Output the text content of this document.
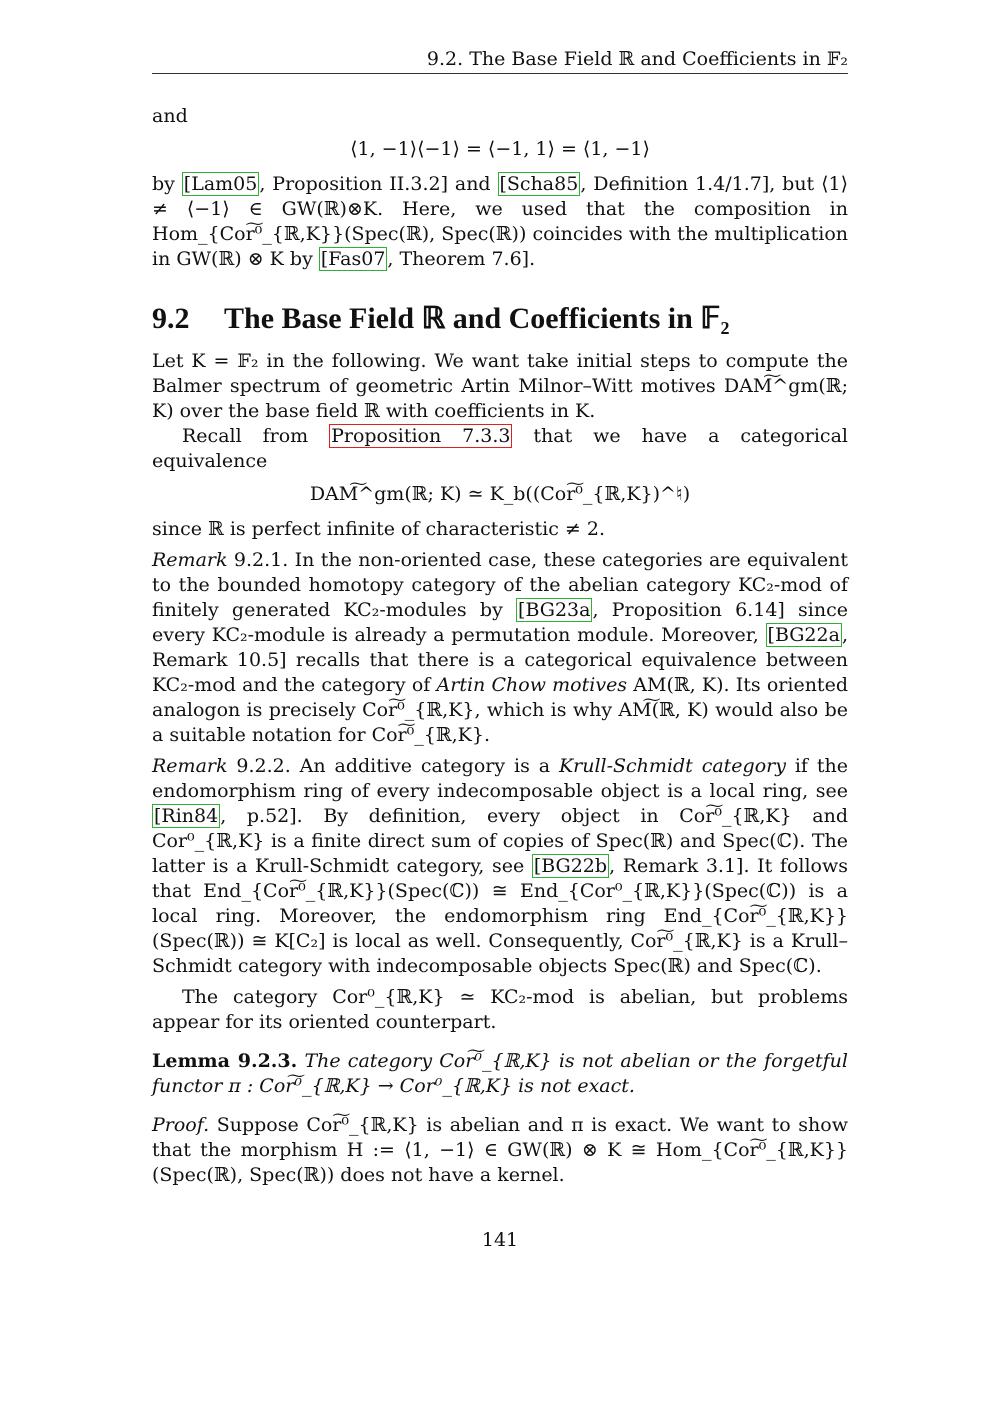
9.2. The Base Field ℝ and Coefficients in 𝔽₂

and

⟨1, −1⟩⟨−1⟩ = ⟨−1, 1⟩ = ⟨1, −1⟩

by [Lam05 , Proposition II.3.2] and [Scha85 , Definition 1.4/1.7], but ⟨1⟩ ≠ ⟨−1⟩ ∈ GW(ℝ)⊗K. Here, we used that the composition in Hom_{Cor͠⁰_{ℝ,K}}(Spec(ℝ), Spec(ℝ)) coincides with the multiplication in GW(ℝ) ⊗ K by [Fas07 , Theorem 7.6].

9.2 The Base Field ℝ and Coefficients in 𝔽₂

Let K = 𝔽₂ in the following. We want take initial steps to compute the Balmer spectrum of geometric Artin Milnor–Witt motives DAM͠^gm(ℝ; K) over the base field ℝ with coefficients in K.

Recall from Proposition 7.3.3 that we have a categorical equivalence

DAM͠^gm(ℝ; K) ≃ K_b((Cor͠⁰_{ℝ,K})^♮)

since ℝ is perfect infinite of characteristic ≠ 2.

Remark 9.2.1. In the non-oriented case, these categories are equivalent to the bounded homotopy category of the abelian category KC₂-mod of finitely generated KC₂-modules by [BG23a , Proposition 6.14] since every KC₂-module is already a permutation module. Moreover, [BG22a , Remark 10.5] recalls that there is a categorical equivalence between KC₂-mod and the category of Artin Chow motives AM(ℝ, K). Its oriented analogon is precisely Cor͠⁰_{ℝ,K}, which is why AM͠(ℝ, K) would also be a suitable notation for Cor͠⁰_{ℝ,K}.

Remark 9.2.2. An additive category is a Krull-Schmidt category if the endomorphism ring of every indecomposable object is a local ring, see [Rin84 , p.52]. By definition, every object in Cor͠⁰_{ℝ,K} and Cor⁰_{ℝ,K} is a finite direct sum of copies of Spec(ℝ) and Spec(ℂ). The latter is a Krull-Schmidt category, see [BG22b , Remark 3.1]. It follows that End_{Cor͠⁰_{ℝ,K}}(Spec(ℂ)) ≅ End_{Cor⁰_{ℝ,K}}(Spec(ℂ)) is a local ring. Moreover, the endomorphism ring End_{Cor͠⁰_{ℝ,K}}(Spec(ℝ)) ≅ K[C₂] is local as well. Consequently, Cor͠⁰_{ℝ,K} is a Krull–Schmidt category with indecomposable objects Spec(ℝ) and Spec(ℂ).

The category Cor⁰_{ℝ,K} ≃ KC₂-mod is abelian, but problems appear for its oriented counterpart.

Lemma 9.2.3. The category Cor͠⁰_{ℝ,K} is not abelian or the forgetful functor π : Cor͠⁰_{ℝ,K} → Cor⁰_{ℝ,K} is not exact.

Proof. Suppose Cor͠⁰_{ℝ,K} is abelian and π is exact. We want to show that the morphism H := ⟨1, −1⟩ ∈ GW(ℝ) ⊗ K ≅ Hom_{Cor͠⁰_{ℝ,K}}(Spec(ℝ), Spec(ℝ)) does not have a kernel.

141
